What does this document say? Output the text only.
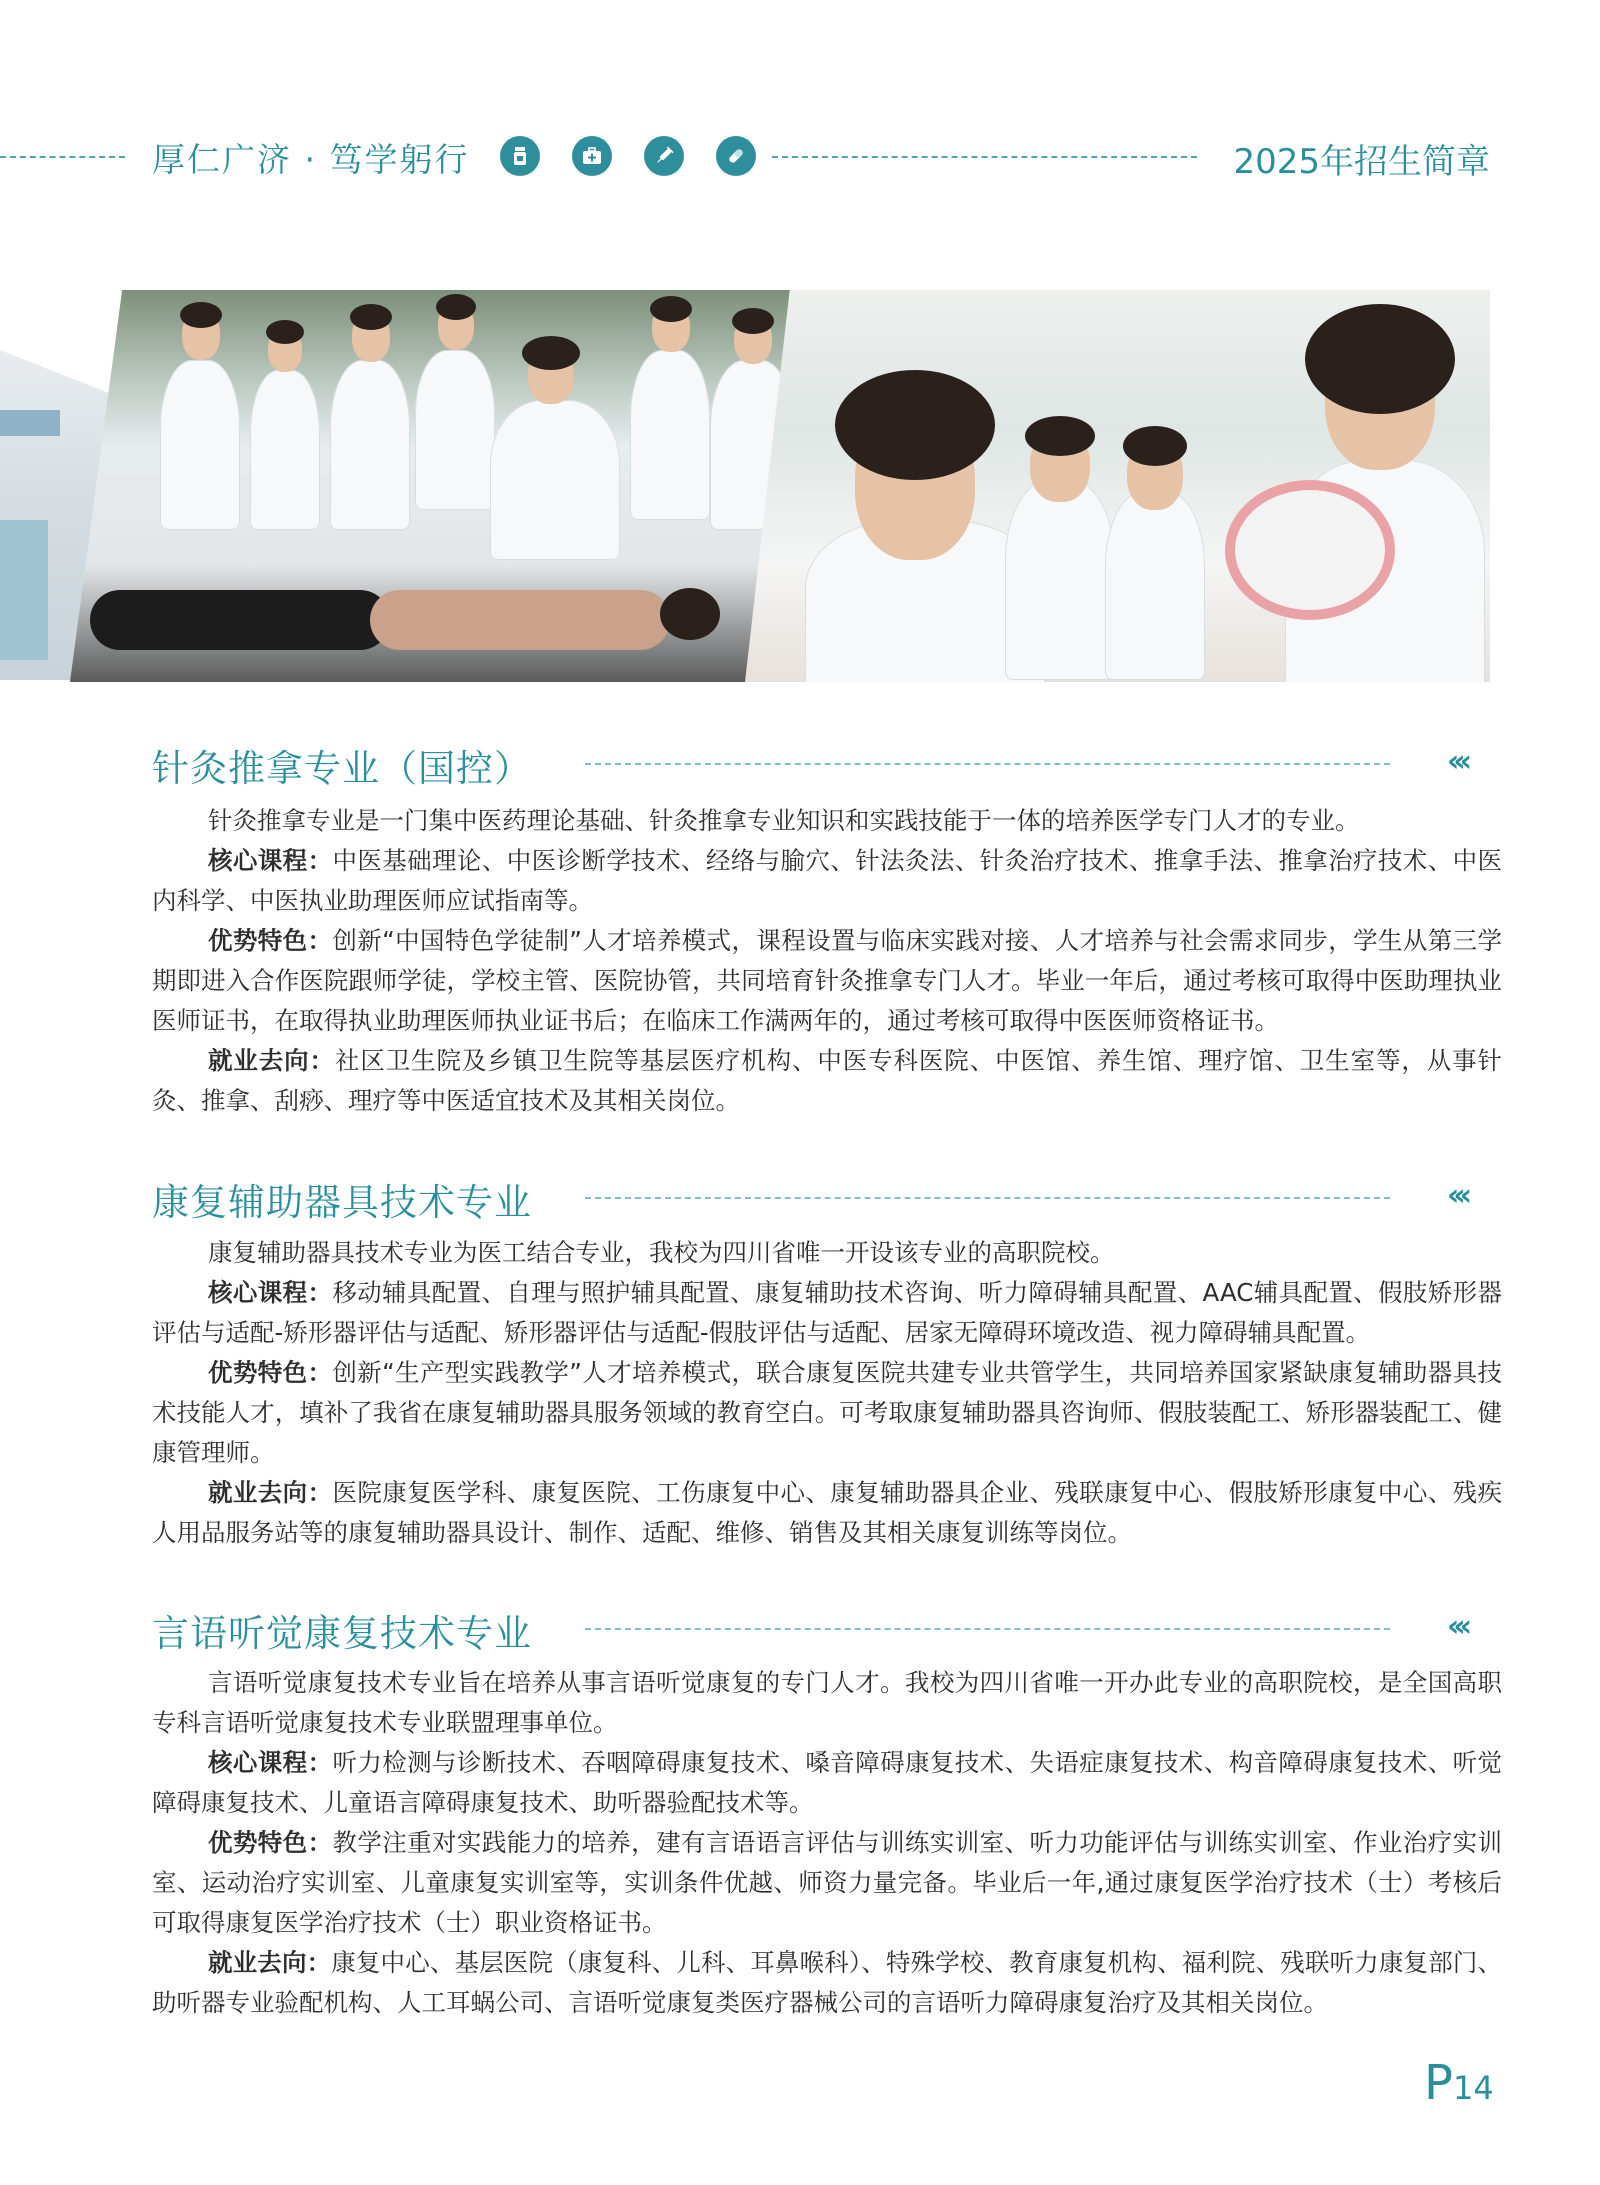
厚仁广济 · 笃学躬行	2025年招生简章
针灸推拿专业（国控）	‹‹‹

针灸推拿专业是一门集中医药理论基础、针灸推拿专业知识和实践技能于一体的培养医学专门人才的专业。

核心课程：中医基础理论、中医诊断学技术、经络与腧穴、针法灸法、针灸治疗技术、推拿手法、推拿治疗技术、中医内科学、中医执业助理医师应试指南等。

优势特色：创新“中国特色学徒制”人才培养模式，课程设置与临床实践对接、人才培养与社会需求同步，学生从第三学期即进入合作医院跟师学徒，学校主管、医院协管，共同培育针灸推拿专门人才。毕业一年后，通过考核可取得中医助理执业医师证书，在取得执业助理医师执业证书后；在临床工作满两年的，通过考核可取得中医医师资格证书。

就业去向：社区卫生院及乡镇卫生院等基层医疗机构、中医专科医院、中医馆、养生馆、理疗馆、卫生室等，从事针灸、推拿、刮痧、理疗等中医适宜技术及其相关岗位。

康复辅助器具技术专业	‹‹‹

康复辅助器具技术专业为医工结合专业，我校为四川省唯一开设该专业的高职院校。

核心课程：移动辅具配置、自理与照护辅具配置、康复辅助技术咨询、听力障碍辅具配置、AAC辅具配置、假肢矫形器评估与适配-矫形器评估与适配、矫形器评估与适配-假肢评估与适配、居家无障碍环境改造、视力障碍辅具配置。

优势特色：创新“生产型实践教学”人才培养模式，联合康复医院共建专业共管学生，共同培养国家紧缺康复辅助器具技术技能人才，填补了我省在康复辅助器具服务领域的教育空白。可考取康复辅助器具咨询师、假肢装配工、矫形器装配工、健康管理师。

就业去向：医院康复医学科、康复医院、工伤康复中心、康复辅助器具企业、残联康复中心、假肢矫形康复中心、残疾人用品服务站等的康复辅助器具设计、制作、适配、维修、销售及其相关康复训练等岗位。

言语听觉康复技术专业	‹‹‹

言语听觉康复技术专业旨在培养从事言语听觉康复的专门人才。我校为四川省唯一开办此专业的高职院校，是全国高职专科言语听觉康复技术专业联盟理事单位。

核心课程：听力检测与诊断技术、吞咽障碍康复技术、嗓音障碍康复技术、失语症康复技术、构音障碍康复技术、听觉障碍康复技术、儿童语言障碍康复技术、助听器验配技术等。

优势特色：教学注重对实践能力的培养，建有言语语言评估与训练实训室、听力功能评估与训练实训室、作业治疗实训室、运动治疗实训室、儿童康复实训室等，实训条件优越、师资力量完备。毕业后一年,通过康复医学治疗技术（士）考核后可取得康复医学治疗技术（士）职业资格证书。

就业去向：康复中心、基层医院（康复科、儿科、耳鼻喉科）、特殊学校、教育康复机构、福利院、残联听力康复部门、助听器专业验配机构、人工耳蜗公司、言语听觉康复类医疗器械公司的言语听力障碍康复治疗及其相关岗位。

P14
